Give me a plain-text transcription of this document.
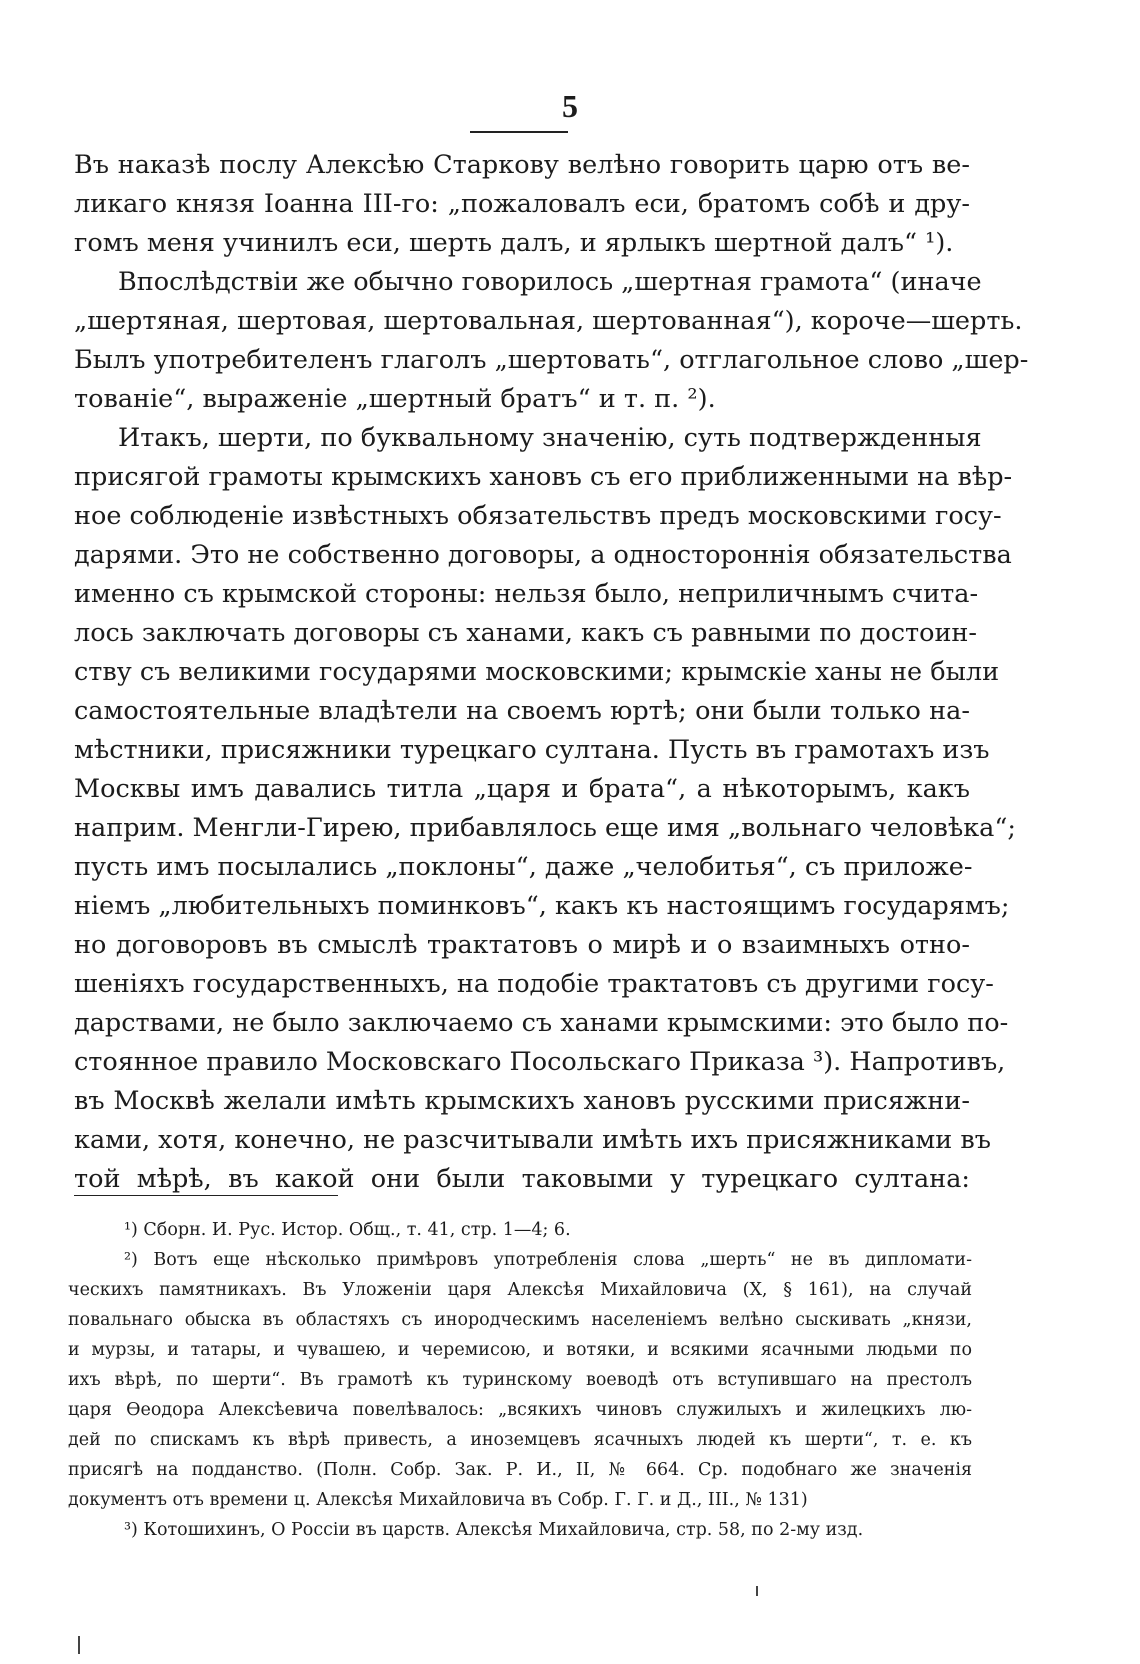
5
Въ наказѣ послу Алексѣю Старкову велѣно говорить царю отъ ве-
ликаго князя Іоанна III-го: „пожаловалъ еси, братомъ собѣ и дру-
гомъ меня учинилъ еси, шерть далъ, и ярлыкъ шертной далъ“ ¹).
Впослѣдствіи же обычно говорилось „шертная грамота“ (иначе
„шертяная, шертовая, шертовальная, шертованная“), короче—шерть.
Былъ употребителенъ глаголъ „шертовать“, отглагольное слово „шер-
тованіе“, выраженіе „шертный братъ“ и т. п. ²).
Итакъ, шерти, по буквальному значенію, суть подтвержденныя
присягой грамоты крымскихъ хановъ съ его приближенными на вѣр-
ное соблюденіе извѣстныхъ обязательствъ предъ московскими госу-
дарями. Это не собственно договоры, а одностороннія обязательства
именно съ крымской стороны: нельзя было, неприличнымъ счита-
лось заключать договоры съ ханами, какъ съ равными по достоин-
ству съ великими государями московскими; крымскіе ханы не были
самостоятельные владѣтели на своемъ юртѣ; они были только на-
мѣстники, присяжники турецкаго султана. Пусть въ грамотахъ изъ
Москвы имъ давались титла „царя и брата“, а нѣкоторымъ, какъ
наприм. Менгли-Гирею, прибавлялось еще имя „вольнаго человѣка“;
пусть имъ посылались „поклоны“, даже „челобитья“, съ приложе-
ніемъ „любительныхъ поминковъ“, какъ къ настоящимъ государямъ;
но договоровъ въ смыслѣ трактатовъ о мирѣ и о взаимныхъ отно-
шеніяхъ государственныхъ, на подобіе трактатовъ съ другими госу-
дарствами, не было заключаемо съ ханами крымскими: это было по-
стоянное правило Московскаго Посольскаго Приказа ³). Напротивъ,
въ Москвѣ желали имѣть крымскихъ хановъ русскими присяжни-
ками, хотя, конечно, не разсчитывали имѣть ихъ присяжниками въ
той мѣрѣ, въ какой они были таковыми у турецкаго султана:
¹) Сборн. И. Рус. Истор. Общ., т. 41, стр. 1—4; 6.
²) Вотъ еще нѣсколько примѣровъ употребленія слова „шерть“ не въ дипломати-
ческихъ памятникахъ. Въ Уложеніи царя Алексѣя Михайловича (X, § 161), на случай
повальнаго обыска въ областяхъ съ инородческимъ населеніемъ велѣно сыскивать „князи,
и мурзы, и татары, и чувашею, и черемисою, и вотяки, и всякими ясачными людьми по
ихъ вѣрѣ, по шерти“. Въ грамотѣ къ туринскому воеводѣ отъ вступившаго на престолъ
царя Ѳеодора Алексѣевича повелѣвалось: „всякихъ чиновъ служилыхъ и жилецкихъ лю-
дей по спискамъ къ вѣрѣ привесть, а иноземцевъ ясачныхъ людей къ шерти“, т. е. къ
присягѣ на подданство. (Полн. Собр. Зак. Р. И., II, № 664. Ср. подобнаго же значенія
документъ отъ времени ц. Алексѣя Михайловича въ Собр. Г. Г. и Д., III., № 131)
³) Котошихинъ, О Россіи въ царств. Алексѣя Михайловича, стр. 58, по 2-му изд.
